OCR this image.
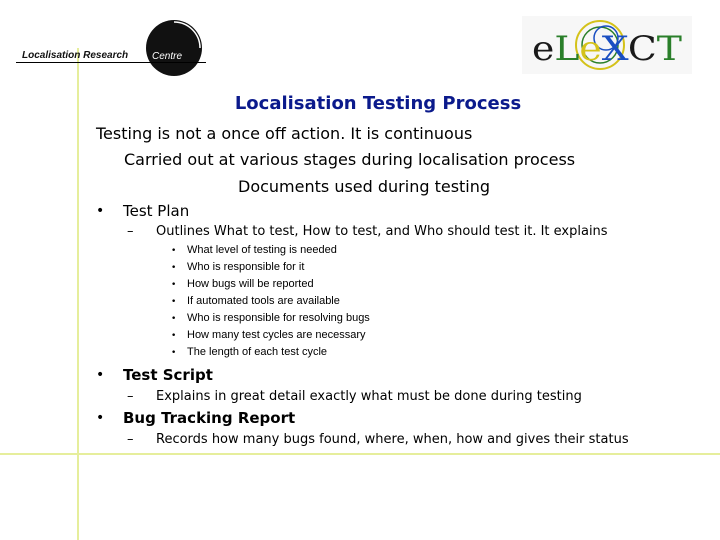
Localisation Research Centre	eLeXCT
Localisation Testing Process
Testing is not a once off action. It is continuous
Carried out at various stages during localisation process
Documents used during testing
• Test Plan
– Outlines What to test, How to test, and Who should test it. It explains
• What level of testing is needed
• Who is responsible for it
• How bugs will be reported
• If automated tools are available
• Who is responsible for resolving bugs
• How many test cycles are necessary
• The length of each test cycle
• Test Script
– Explains in great detail exactly what must be done during testing
• Bug Tracking Report
– Records how many bugs found, where, when, how and gives their status
